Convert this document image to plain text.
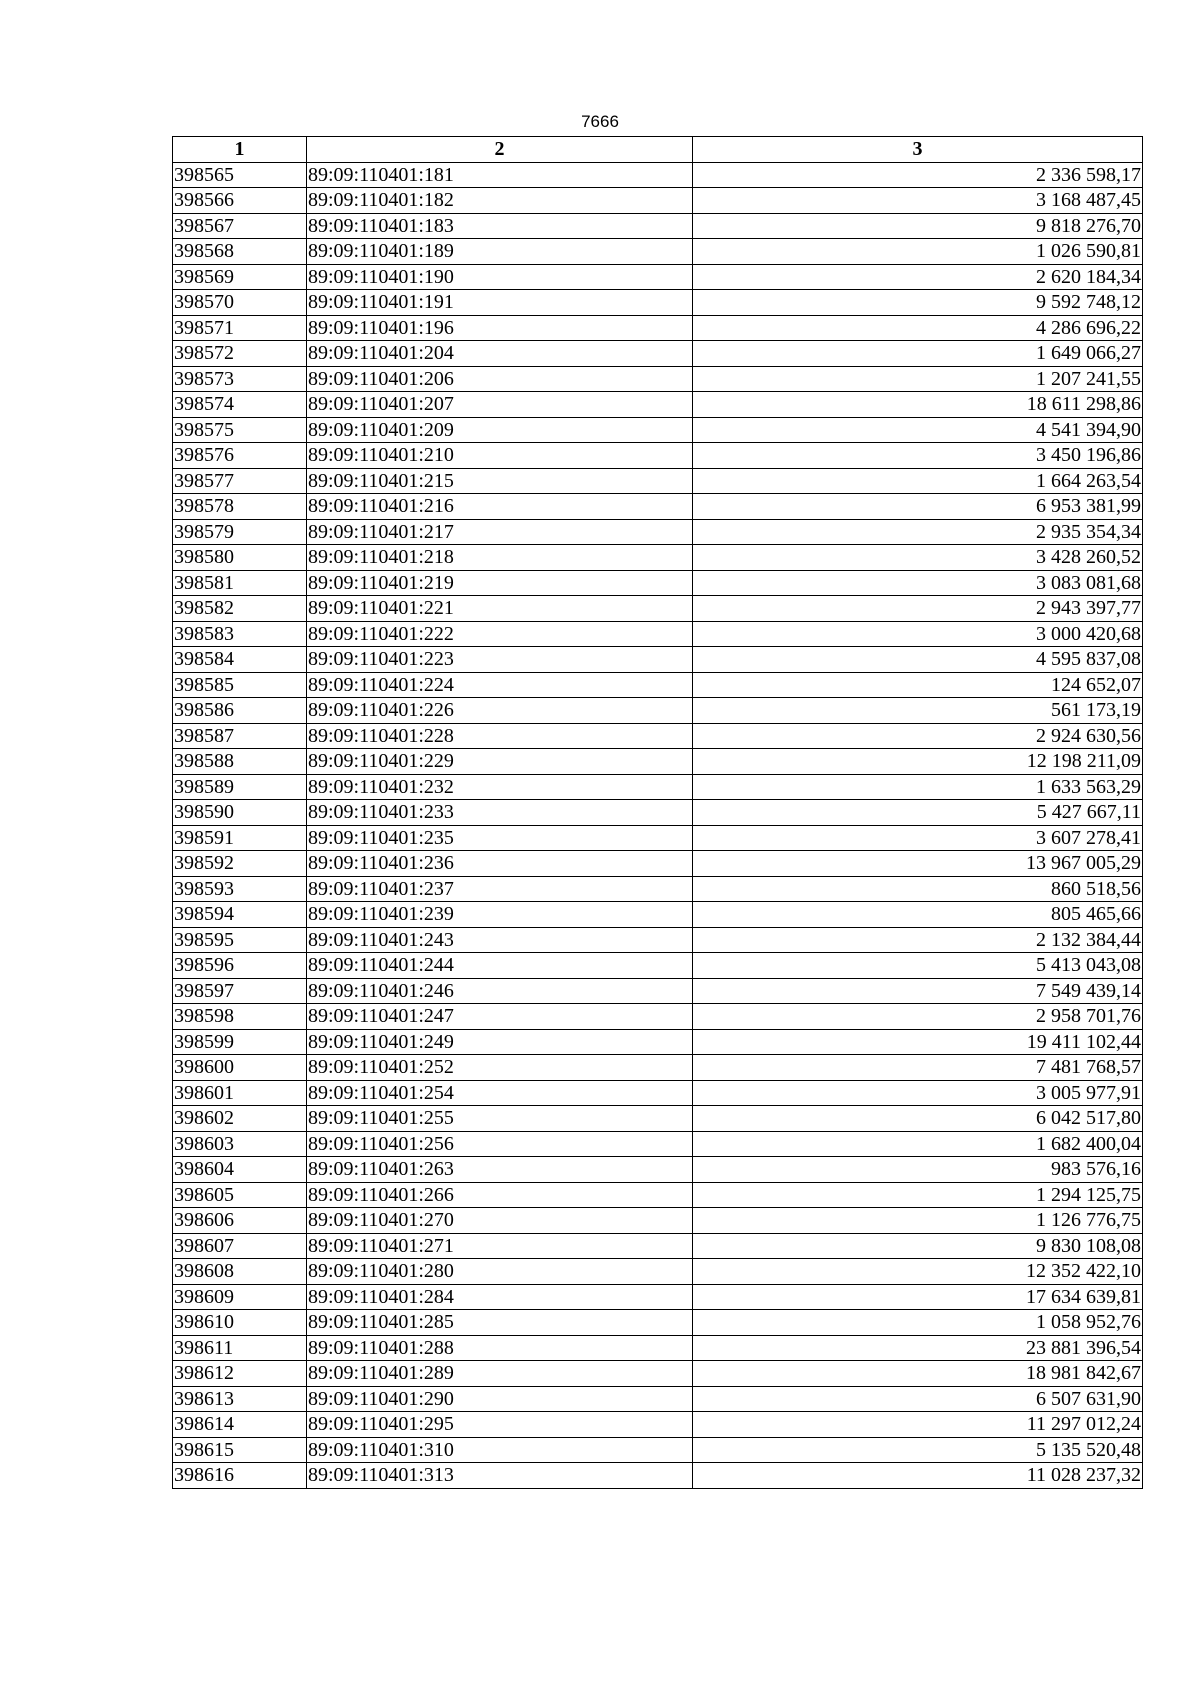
7666
1	2	3
398565	89:09:110401:181	2 336 598,17
398566	89:09:110401:182	3 168 487,45
398567	89:09:110401:183	9 818 276,70
398568	89:09:110401:189	1 026 590,81
398569	89:09:110401:190	2 620 184,34
398570	89:09:110401:191	9 592 748,12
398571	89:09:110401:196	4 286 696,22
398572	89:09:110401:204	1 649 066,27
398573	89:09:110401:206	1 207 241,55
398574	89:09:110401:207	18 611 298,86
398575	89:09:110401:209	4 541 394,90
398576	89:09:110401:210	3 450 196,86
398577	89:09:110401:215	1 664 263,54
398578	89:09:110401:216	6 953 381,99
398579	89:09:110401:217	2 935 354,34
398580	89:09:110401:218	3 428 260,52
398581	89:09:110401:219	3 083 081,68
398582	89:09:110401:221	2 943 397,77
398583	89:09:110401:222	3 000 420,68
398584	89:09:110401:223	4 595 837,08
398585	89:09:110401:224	124 652,07
398586	89:09:110401:226	561 173,19
398587	89:09:110401:228	2 924 630,56
398588	89:09:110401:229	12 198 211,09
398589	89:09:110401:232	1 633 563,29
398590	89:09:110401:233	5 427 667,11
398591	89:09:110401:235	3 607 278,41
398592	89:09:110401:236	13 967 005,29
398593	89:09:110401:237	860 518,56
398594	89:09:110401:239	805 465,66
398595	89:09:110401:243	2 132 384,44
398596	89:09:110401:244	5 413 043,08
398597	89:09:110401:246	7 549 439,14
398598	89:09:110401:247	2 958 701,76
398599	89:09:110401:249	19 411 102,44
398600	89:09:110401:252	7 481 768,57
398601	89:09:110401:254	3 005 977,91
398602	89:09:110401:255	6 042 517,80
398603	89:09:110401:256	1 682 400,04
398604	89:09:110401:263	983 576,16
398605	89:09:110401:266	1 294 125,75
398606	89:09:110401:270	1 126 776,75
398607	89:09:110401:271	9 830 108,08
398608	89:09:110401:280	12 352 422,10
398609	89:09:110401:284	17 634 639,81
398610	89:09:110401:285	1 058 952,76
398611	89:09:110401:288	23 881 396,54
398612	89:09:110401:289	18 981 842,67
398613	89:09:110401:290	6 507 631,90
398614	89:09:110401:295	11 297 012,24
398615	89:09:110401:310	5 135 520,48
398616	89:09:110401:313	11 028 237,32
